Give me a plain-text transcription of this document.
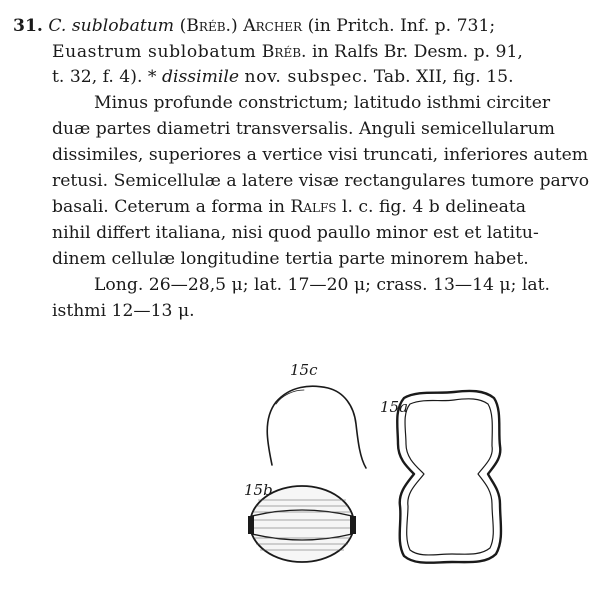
31. C. sublobatum (Bréb.) Archer (in Pritch. Inf. p. 731;
Euastrum sublobatum Bréb. in Ralfs Br. Desm. p. 91,
t. 32, f. 4). * dissimile nov. subspec. Tab. XII, fig. 15.
Minus profunde constrictum; latitudo isthmi circiter
duæ partes diametri transversalis. Anguli semicellularum
dissimiles, superiores a vertice visi truncati, inferiores autem
retusi. Semicellulæ a latere visæ rectangulares tumore parvo
basali. Ceterum a forma in Ralfs l. c. fig. 4 b delineata
nihil differt italiana, nisi quod paullo minor est et latitu-
dinem cellulæ longitudine tertia parte minorem habet.
Long. 26—28,5 μ; lat. 17—20 μ; crass. 13—14 μ; lat.
isthmi 12—13 μ.
15c
15b
15a
